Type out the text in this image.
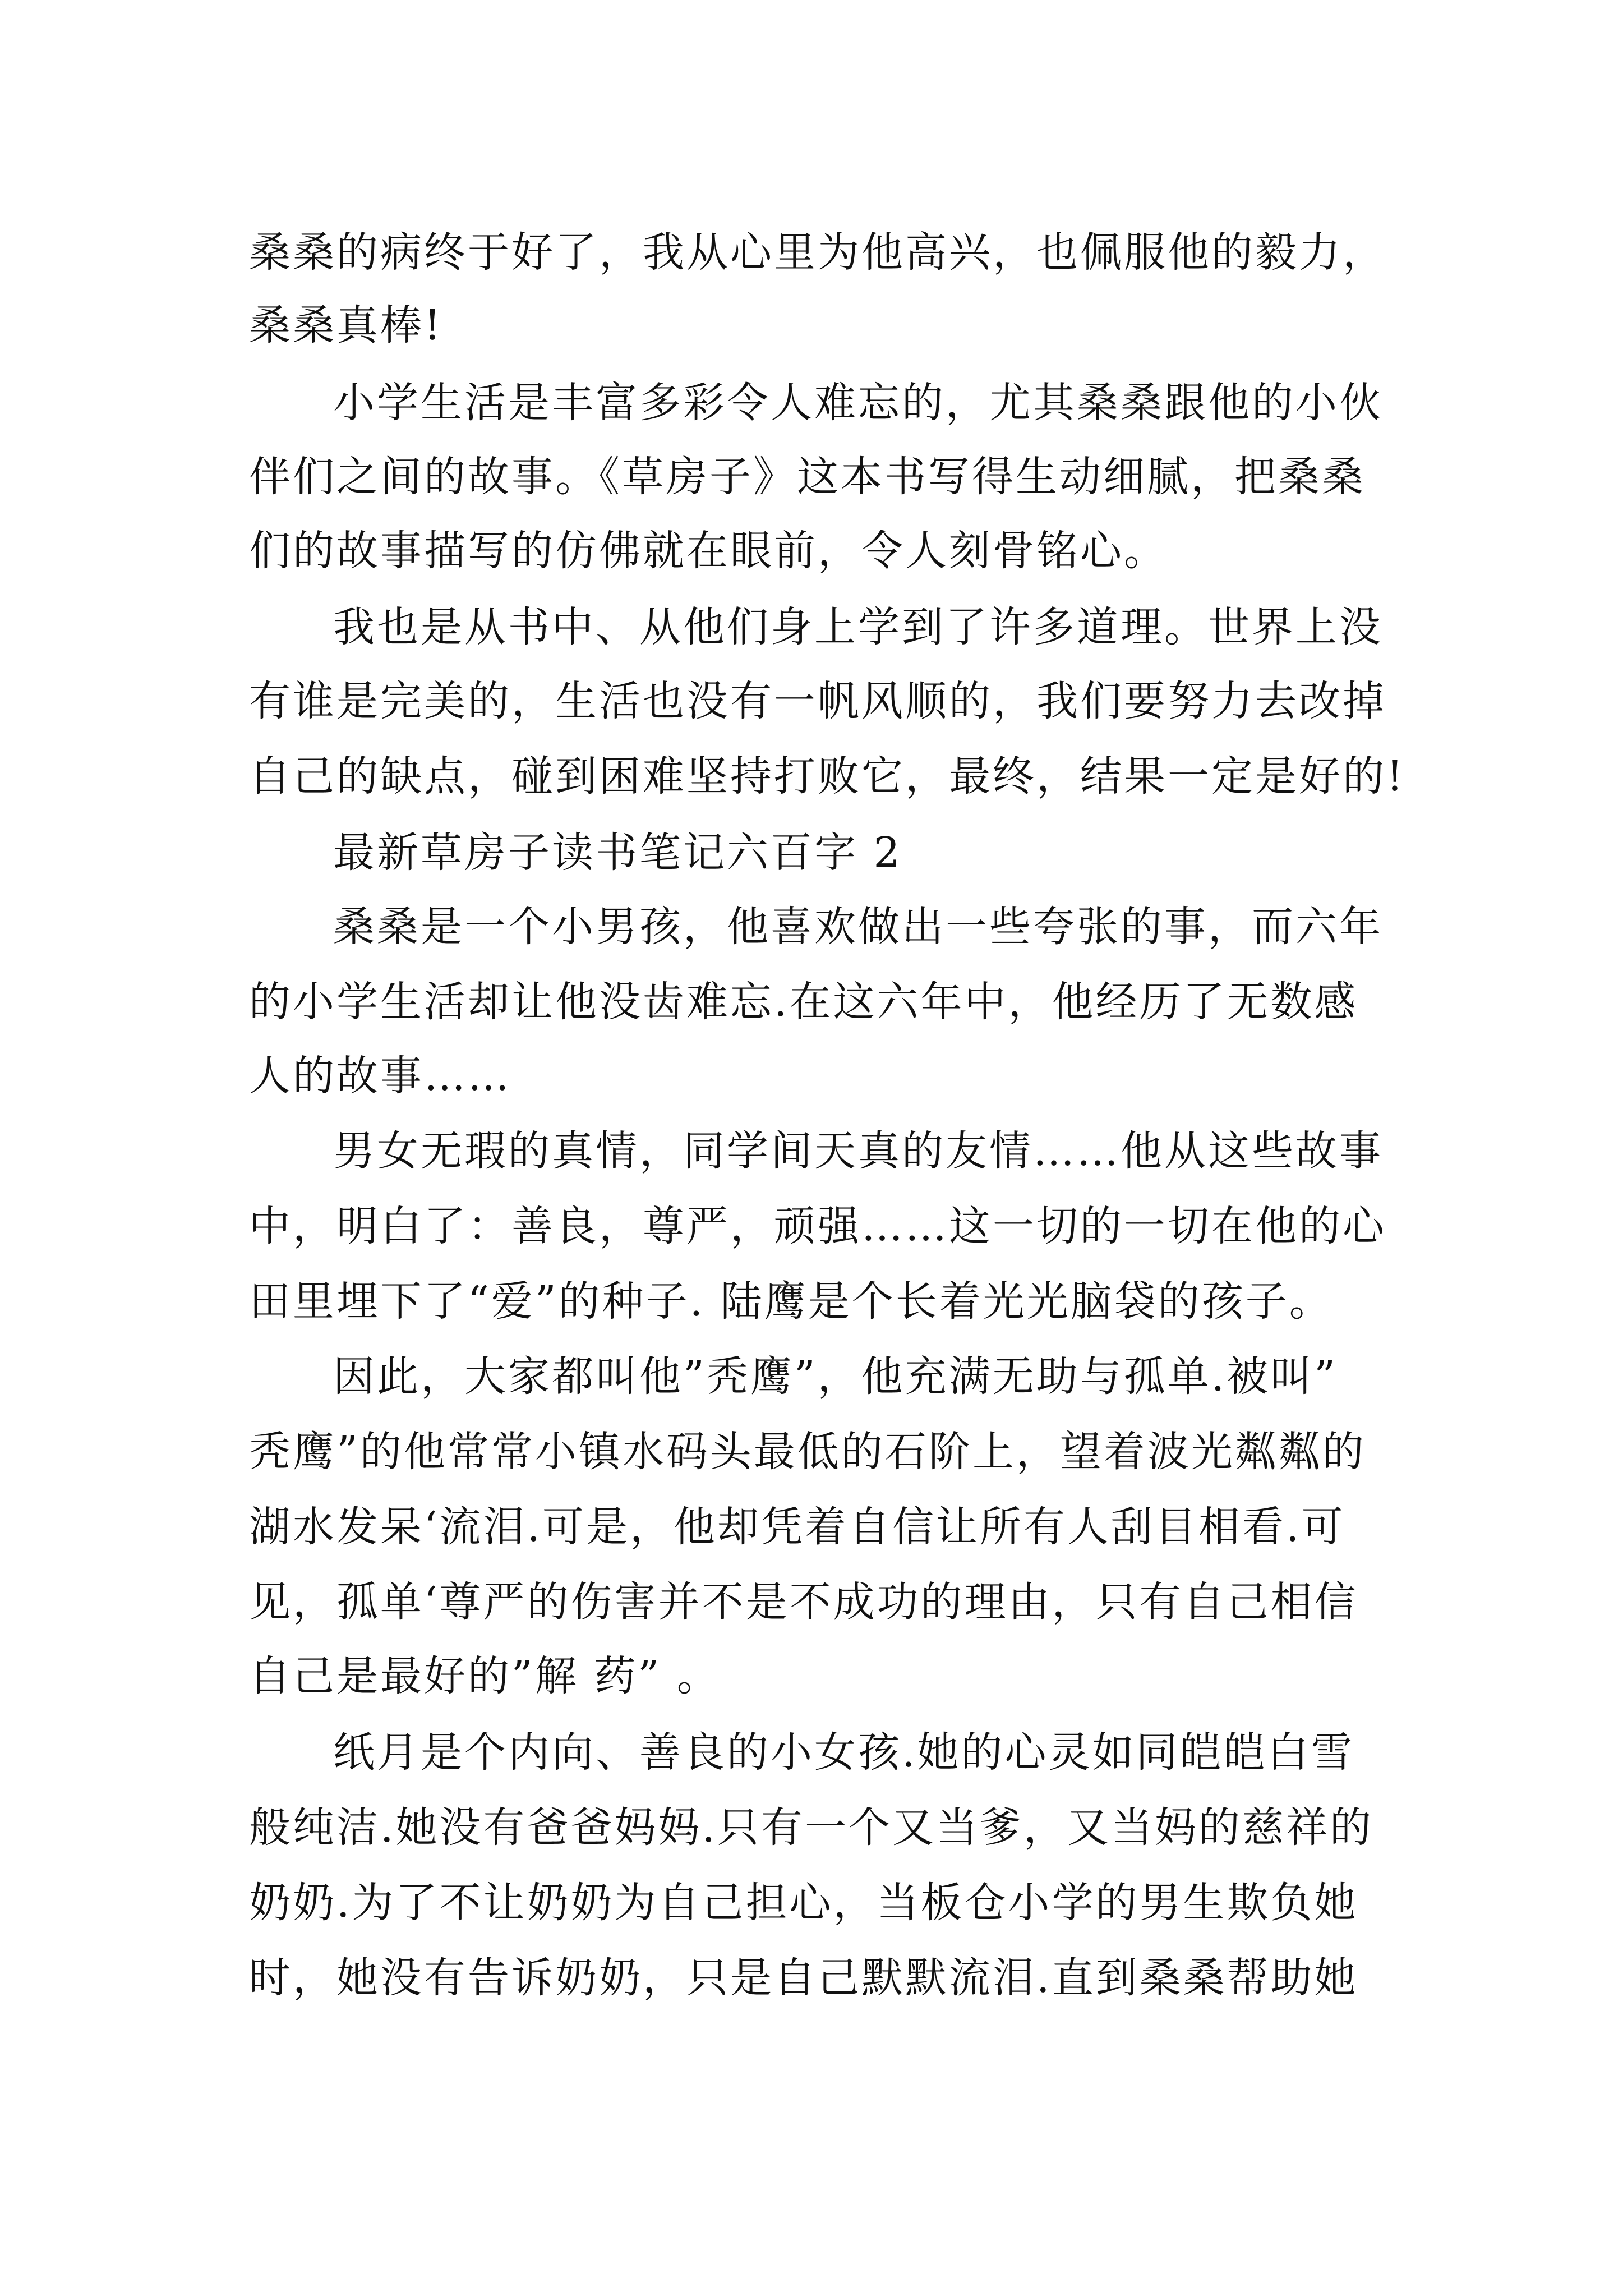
桑桑的病终于好了，我从心里为他高兴，也佩服他的毅力，

桑桑真棒!

小学生活是丰富多彩令人难忘的，尤其桑桑跟他的小伙

伴们之间的故事。《草房子》这本书写得生动细腻，把桑桑

们的故事描写的仿佛就在眼前，令人刻骨铭心。

我也是从书中、从他们身上学到了许多道理。世界上没

有谁是完美的，生活也没有一帆风顺的，我们要努力去改掉

自己的缺点，碰到困难坚持打败它，最终，结果一定是好的!

最新草房子读书笔记六百字 2

桑桑是一个小男孩，他喜欢做出一些夸张的事，而六年

的小学生活却让他没齿难忘.在这六年中，他经历了无数感

人的故事……

男女无瑕的真情，同学间天真的友情……他从这些故事

中，明白了：善良，尊严，顽强……这一切的一切在他的心

田里埋下了“爱”的种子. 陆鹰是个长着光光脑袋的孩子。

因此，大家都叫他”秃鹰”，他充满无助与孤单.被叫”

秃鹰”的他常常小镇水码头最低的石阶上，望着波光粼粼的

湖水发呆‘流泪.可是，他却凭着自信让所有人刮目相看.可

见，孤单‘尊严的伤害并不是不成功的理由，只有自己相信

自己是最好的”解 药” 。

纸月是个内向、善良的小女孩.她的心灵如同皑皑白雪

般纯洁.她没有爸爸妈妈.只有一个又当爹，又当妈的慈祥的

奶奶.为了不让奶奶为自己担心，当板仓小学的男生欺负她

时，她没有告诉奶奶，只是自己默默流泪.直到桑桑帮助她
